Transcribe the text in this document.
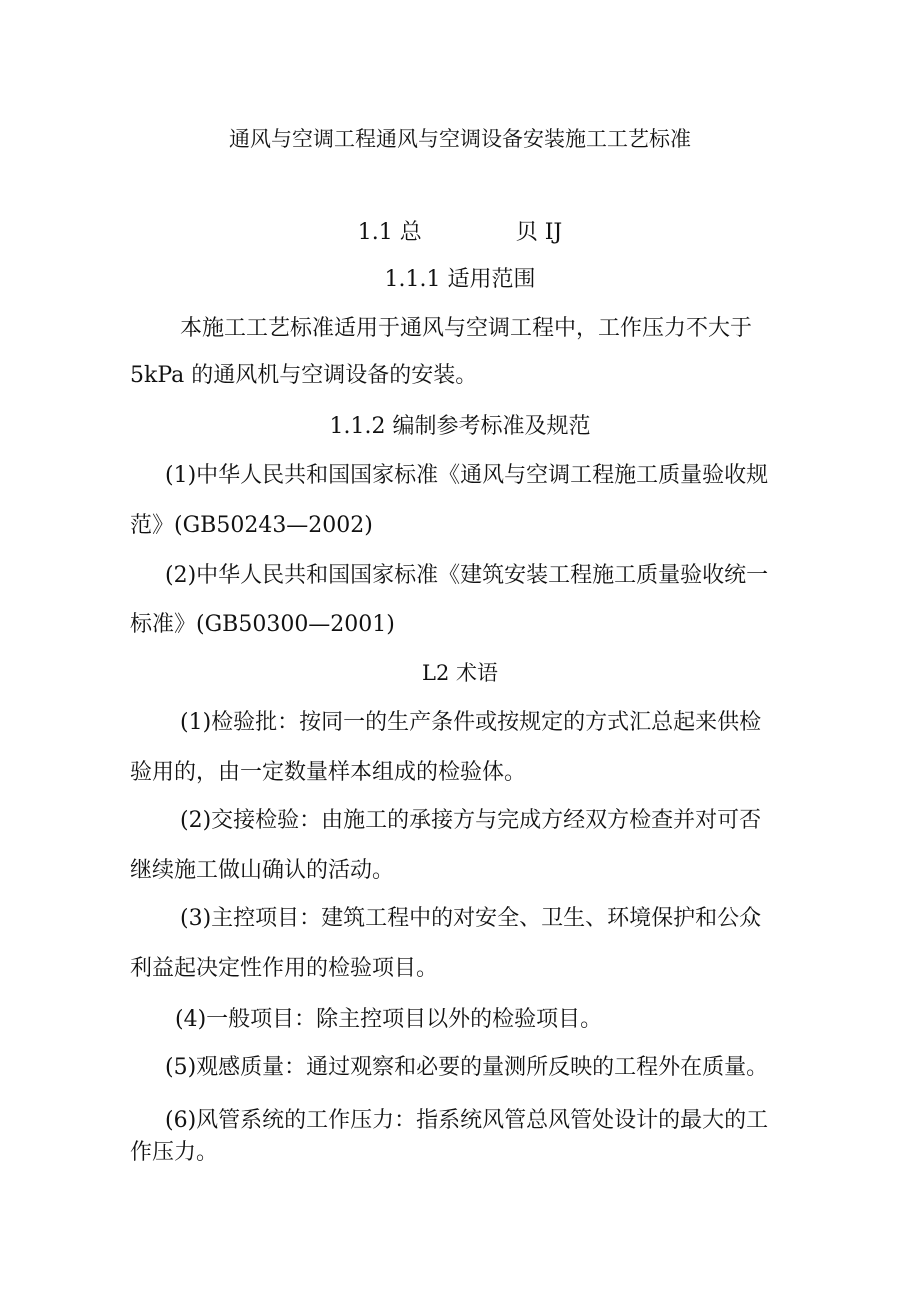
通风与空调工程通风与空调设备安装施工工艺标准
1.1 总	贝 IJ
1.1.1 适用范围
本施工工艺标准适用于通风与空调工程中，工作压力不大于
5kPa 的通风机与空调设备的安装。
1.1.2 编制参考标准及规范
(1)中华人民共和国国家标准《通风与空调工程施工质量验收规
范》(GB50243—2002)
(2)中华人民共和国国家标准《建筑安装工程施工质量验收统一
标准》(GB50300—2001)
L2 术语
(1)检验批：按同一的生产条件或按规定的方式汇总起来供检
验用的，由一定数量样本组成的检验体。
(2)交接检验：由施工的承接方与完成方经双方检查并对可否
继续施工做山确认的活动。
(3)主控项目：建筑工程中的对安全、卫生、环境保护和公众
利益起决定性作用的检验项目。
(4)一般项目：除主控项目以外的检验项目。
(5)观感质量：通过观察和必要的量测所反映的工程外在质量。
(6)风管系统的工作压力：指系统风管总风管处设计的最大的工
作压力。
